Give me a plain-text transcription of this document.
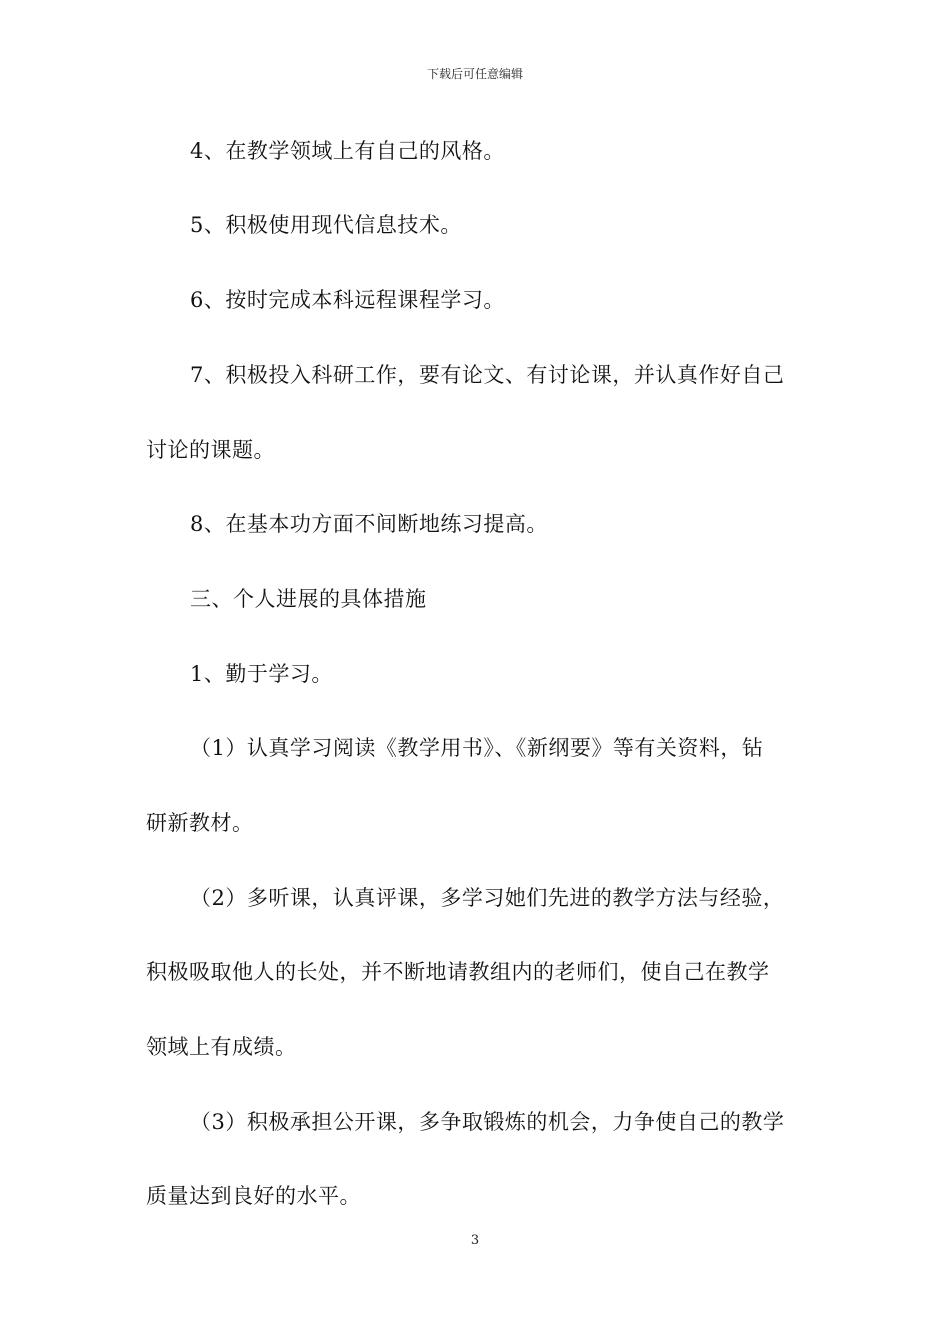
下载后可任意编辑
4、在教学领域上有自己的风格。
5、积极使用现代信息技术。
6、按时完成本科远程课程学习。
7、积极投入科研工作，要有论文、有讨论课，并认真作好自己
讨论的课题。
8、在基本功方面不间断地练习提高。
三、个人进展的具体措施
1、勤于学习。
（1）认真学习阅读《教学用书》、《新纲要》等有关资料，钻
研新教材。
（2）多听课，认真评课，多学习她们先进的教学方法与经验，
积极吸取他人的长处，并不断地请教组内的老师们，使自己在教学
领域上有成绩。
（3）积极承担公开课，多争取锻炼的机会，力争使自己的教学
质量达到良好的水平。
3
